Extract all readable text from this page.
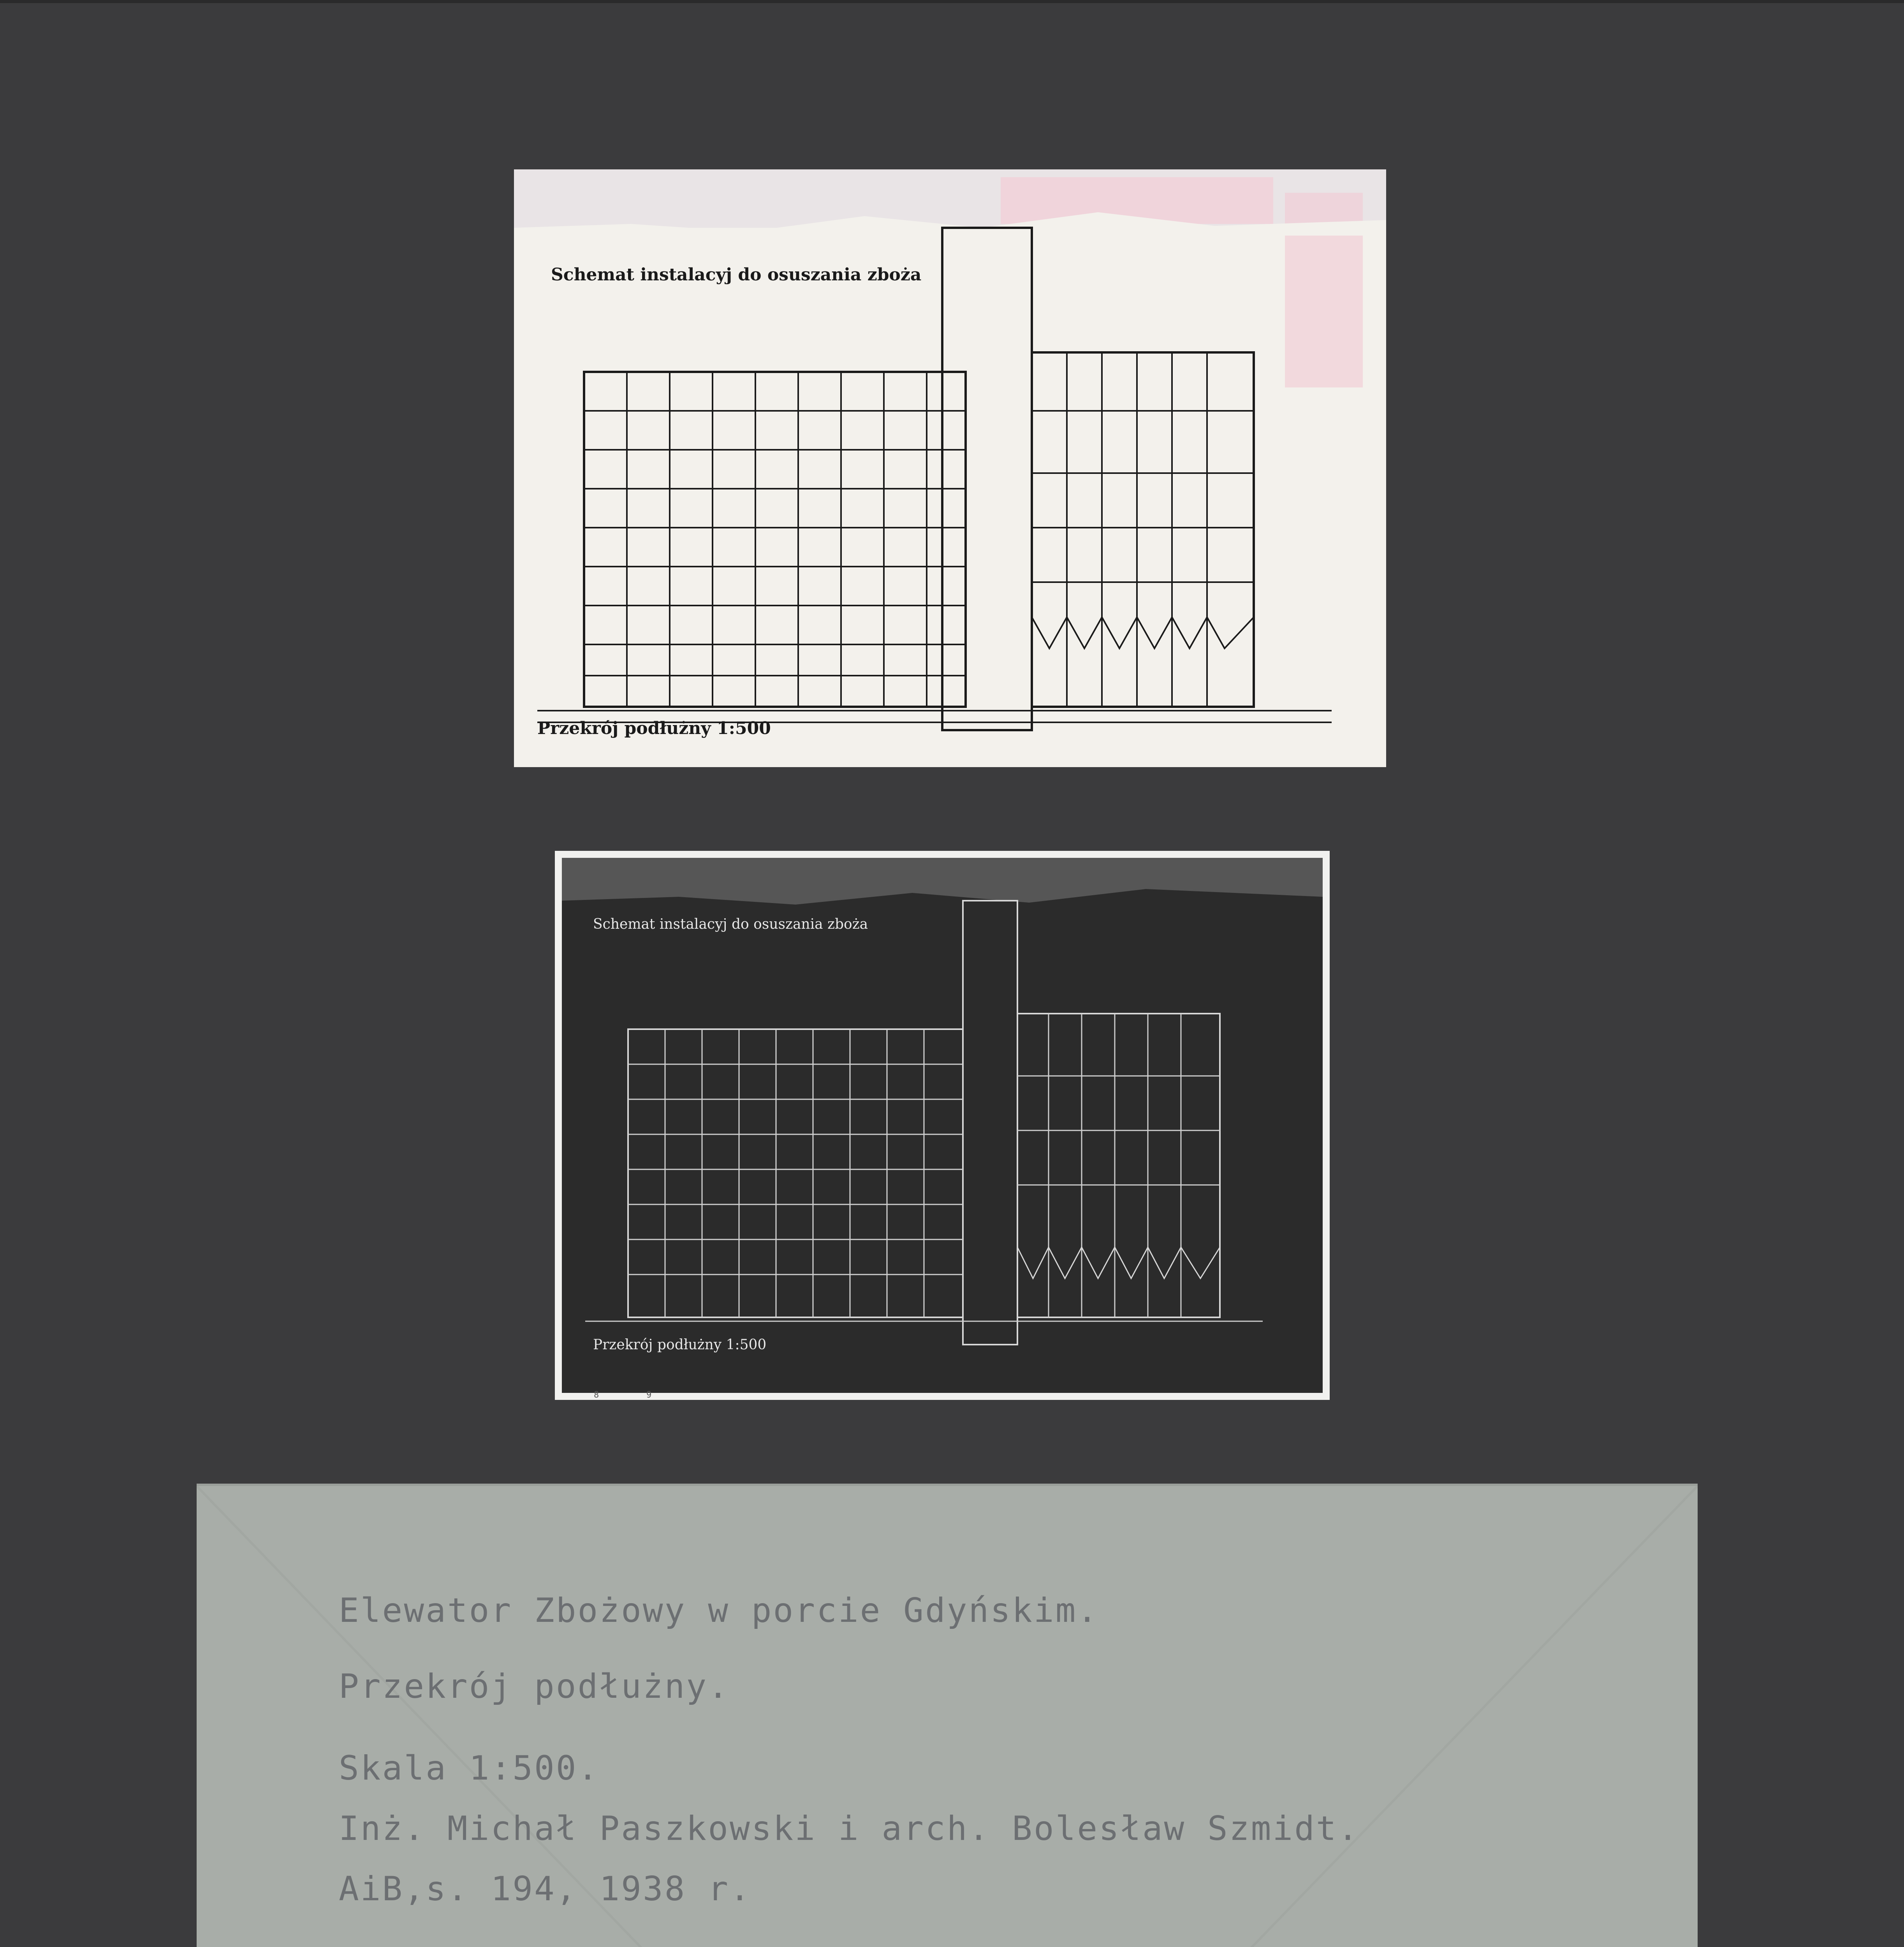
Schemat instalacyj do osuszania zboża
Przekrój podłużny 1:500
Schemat instalacyj do osuszania zboża
Przekrój podłużny 1:500
8	9
Elewator Zbożowy w porcie Gdyńskim.
Przekrój podłużny.
Skala 1:500.
Inż. Michał Paszkowski i arch. Bolesław Szmidt.
AiB,s. 194, 1938 r.
